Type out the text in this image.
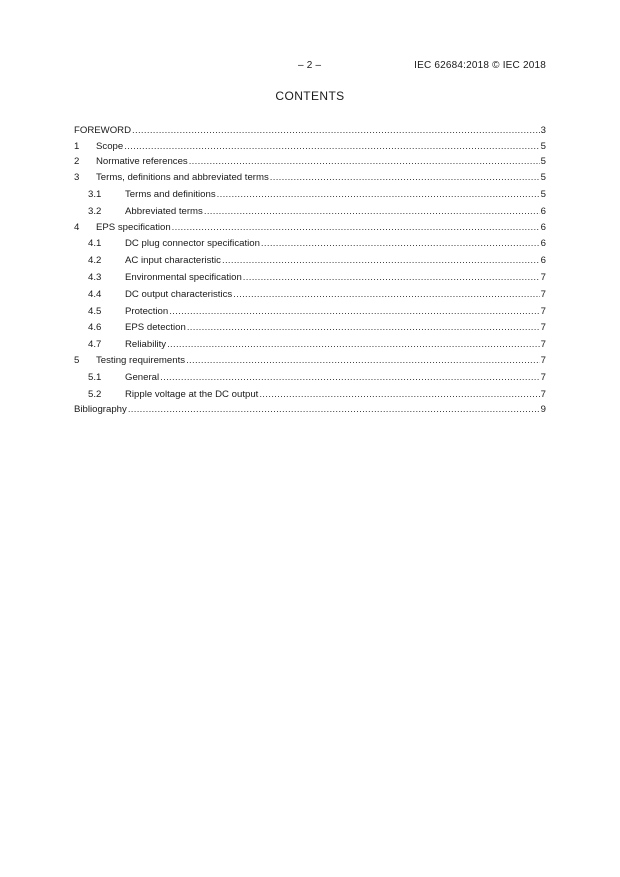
– 2 –	IEC 62684:2018 © IEC 2018
CONTENTS
FOREWORD .....	3
1	Scope .....	5
2	Normative references .....	5
3	Terms, definitions and abbreviated terms .....	5
3.1	Terms and definitions .....	5
3.2	Abbreviated terms .....	6
4	EPS specification .....	6
4.1	DC plug connector specification .....	6
4.2	AC input characteristic .....	6
4.3	Environmental specification .....	7
4.4	DC output characteristics .....	7
4.5	Protection .....	7
4.6	EPS detection .....	7
4.7	Reliability .....	7
5	Testing requirements .....	7
5.1	General .....	7
5.2	Ripple voltage at the DC output .....	7
Bibliography .....	9
